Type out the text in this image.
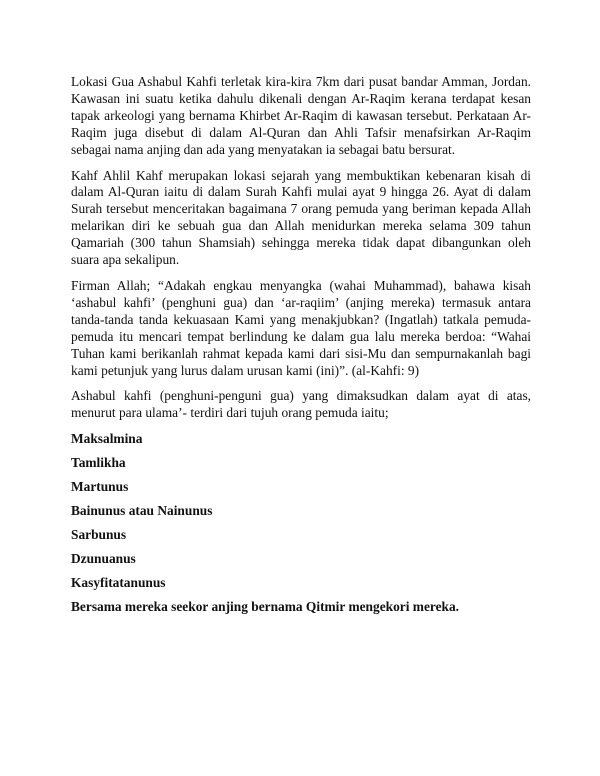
Lokasi Gua Ashabul Kahfi terletak kira-kira 7km dari pusat bandar Amman, Jordan. Kawasan ini suatu ketika dahulu dikenali dengan Ar-Raqim kerana terdapat kesan tapak arkeologi yang bernama Khirbet Ar-Raqim di kawasan tersebut. Perkataan Ar-Raqim juga disebut di dalam Al-Quran dan Ahli Tafsir menafsirkan Ar-Raqim sebagai nama anjing dan ada yang menyatakan ia sebagai batu bersurat.

Kahf Ahlil Kahf merupakan lokasi sejarah yang membuktikan kebenaran kisah di dalam Al-Quran iaitu di dalam Surah Kahfi mulai ayat 9 hingga 26. Ayat di dalam Surah tersebut menceritakan bagaimana 7 orang pemuda yang beriman kepada Allah melarikan diri ke sebuah gua dan Allah menidurkan mereka selama 309 tahun Qamariah (300 tahun Shamsiah) sehingga mereka tidak dapat dibangunkan oleh suara apa sekalipun.

Firman Allah; “Adakah engkau menyangka (wahai Muhammad), bahawa kisah ‘ashabul kahfi’ (penghuni gua) dan ‘ar-raqiim’ (anjing mereka) termasuk antara tanda-tanda tanda kekuasaan Kami yang menakjubkan? (Ingatlah) tatkala pemuda-pemuda itu mencari tempat berlindung ke dalam gua lalu mereka berdoa: “Wahai Tuhan kami berikanlah rahmat kepada kami dari sisi-Mu dan sempurnakanlah bagi kami petunjuk yang lurus dalam urusan kami (ini)”. (al-Kahfi: 9)

Ashabul kahfi (penghuni-penguni gua) yang dimaksudkan dalam ayat di atas, menurut para ulama’- terdiri dari tujuh orang pemuda iaitu;

Maksalmina

Tamlikha

Martunus

Bainunus atau Nainunus

Sarbunus

Dzunuanus

Kasyfitatanunus

Bersama mereka seekor anjing bernama Qitmir mengekori mereka.
